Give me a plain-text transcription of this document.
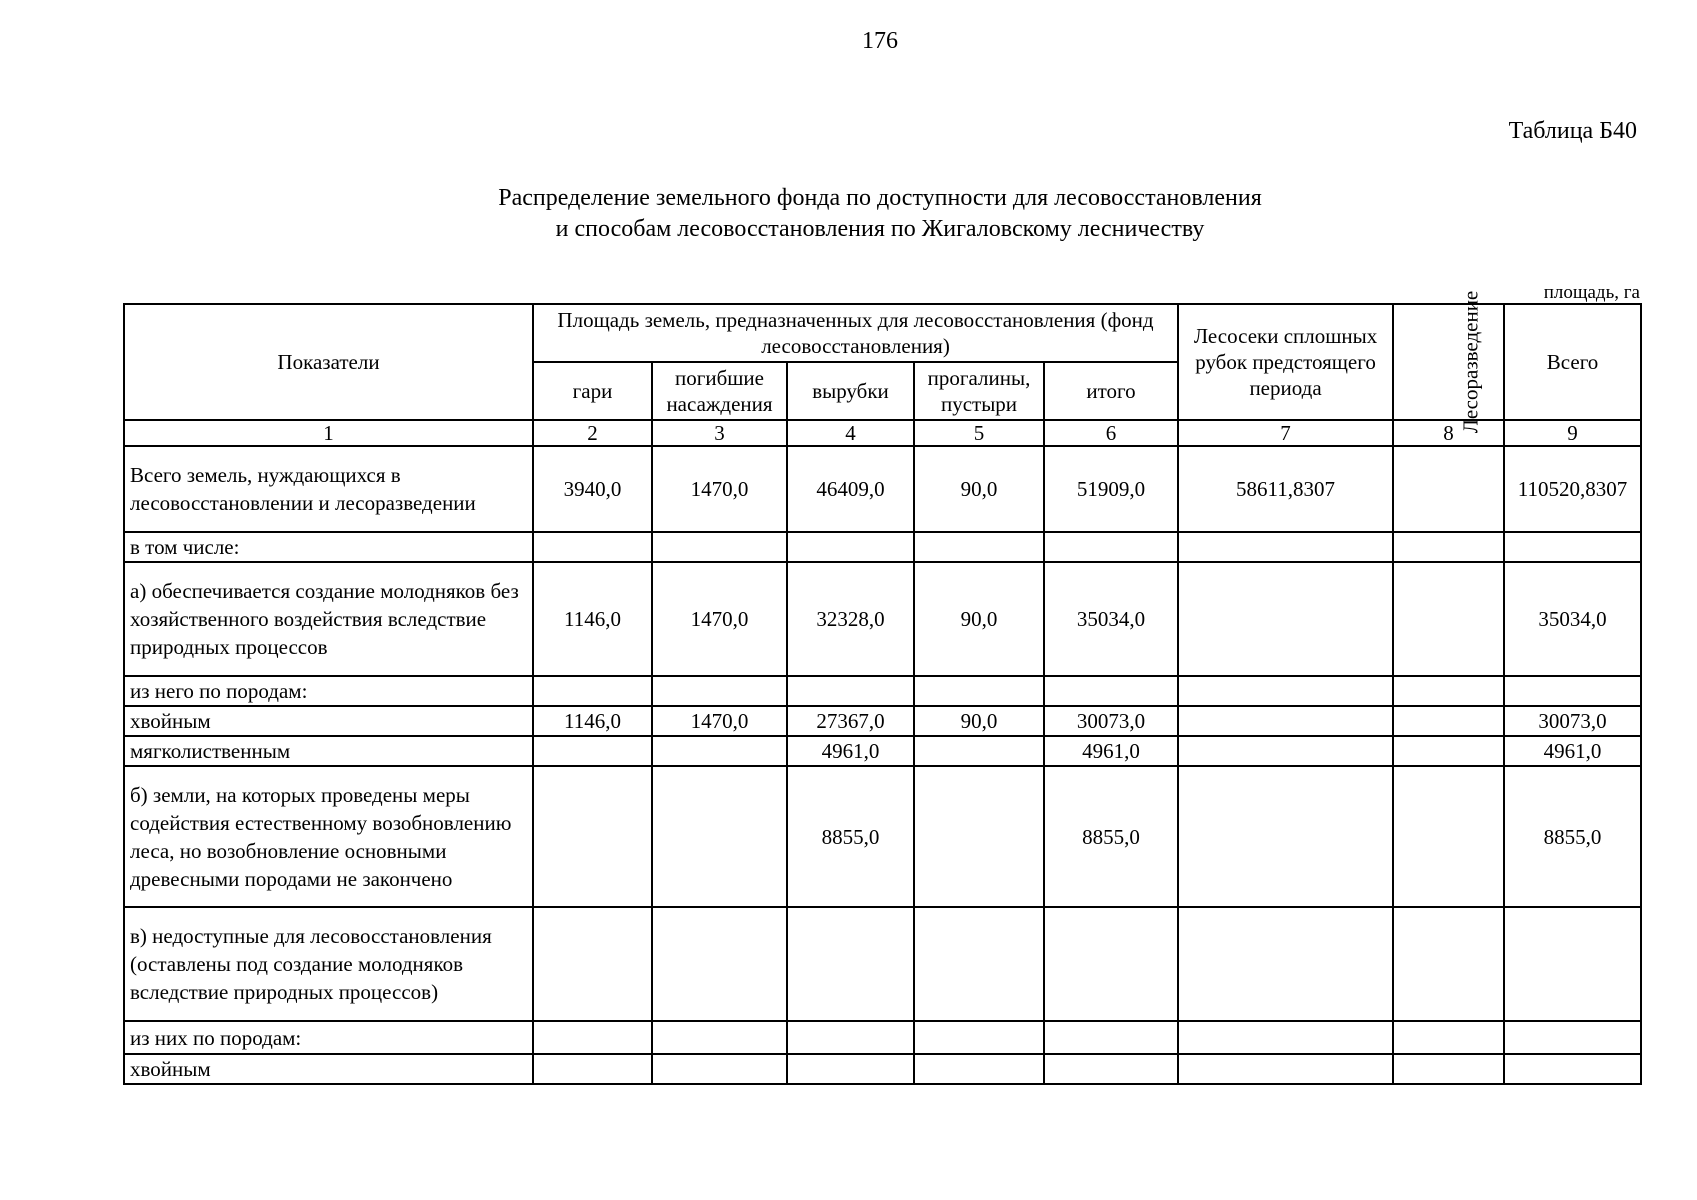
176
Таблица Б40
Распределение земельного фонда по доступности для лесовосстановления
и способам лесовосстановления по Жигаловскому лесничеству
площадь, га
Показатели	Площадь земель, предназначенных для лесовосстановления (фонд лесовосстановления)					Лесосеки сплошных рубок предстоящего периода	Лесоразведение	Всего
	гари	погибшие насаждения	вырубки	прогалины, пустыри	итого			
1	2	3	4	5	6	7	8	9
Всего земель, нуждающихся в лесовосстановлении и лесоразведении	3940,0	1470,0	46409,0	90,0	51909,0	58611,8307		110520,8307
в том числе:								
а) обеспечивается создание молодняков без хозяйственного воздействия вследствие природных процессов	1146,0	1470,0	32328,0	90,0	35034,0			35034,0
из него по породам:								
хвойным	1146,0	1470,0	27367,0	90,0	30073,0			30073,0
мягколиственным			4961,0		4961,0			4961,0
б) земли, на которых проведены меры содействия естественному возобновлению леса, но возобновление основными древесными породами не закончено			8855,0		8855,0			8855,0
в) недоступные для лесовосстановления (оставлены под создание молодняков вследствие природных процессов)								
из них по породам:								
хвойным								
